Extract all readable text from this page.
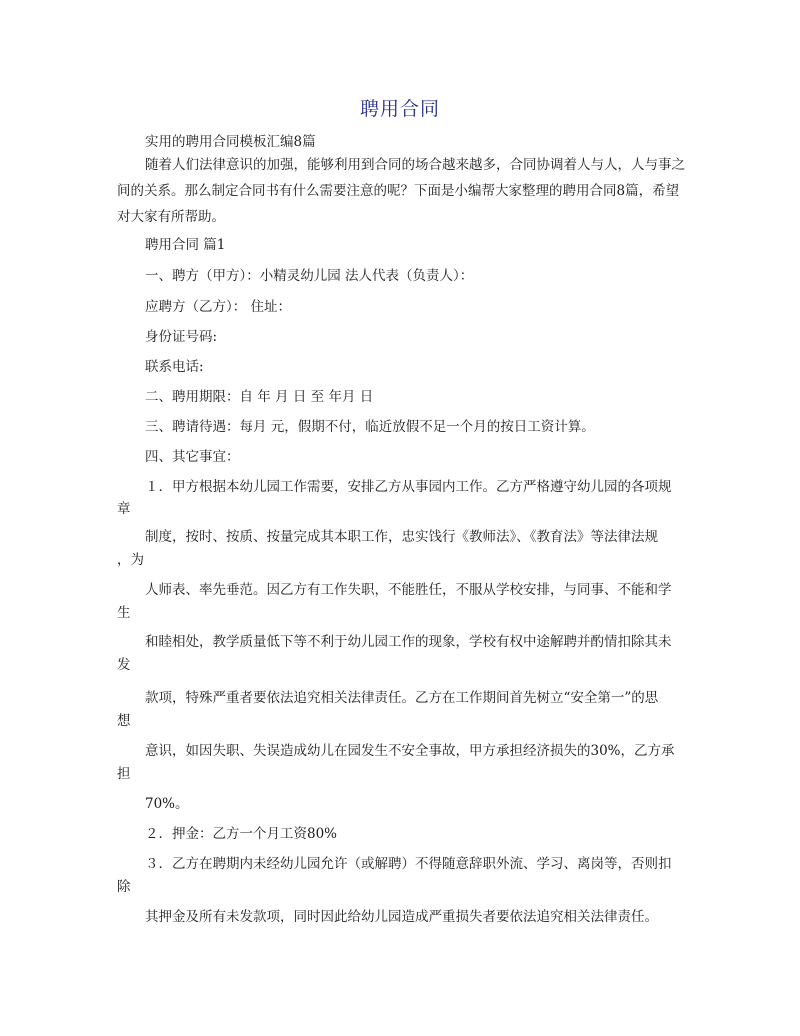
聘用合同
实用的聘用合同模板汇编8篇
随着人们法律意识的加强，能够利用到合同的场合越来越多，合同协调着人与人，人与事之间的关系。那么制定合同书有什么需要注意的呢？下面是小编帮大家整理的聘用合同8篇，希望对大家有所帮助。
聘用合同 篇1
一、聘方（甲方）：小精灵幼儿园 法人代表（负责人）：
应聘方（乙方）： 住址：
身份证号码:
联系电话:
二、聘用期限：自 年 月 日 至 年月 日
三、聘请待遇：每月 元，假期不付，临近放假不足一个月的按日工资计算。
四、其它事宜：
１．甲方根据本幼儿园工作需要，安排乙方从事园内工作。乙方严格遵守幼儿园的各项规
章
制度，按时、按质、按量完成其本职工作，忠实饯行《教师法》、《教育法》等法律法规
，为
人师表、率先垂范。因乙方有工作失职，不能胜任，不服从学校安排，与同事、不能和学
生
和睦相处，教学质量低下等不利于幼儿园工作的现象，学校有权中途解聘并酌情扣除其未
发
款项，特殊严重者要依法追究相关法律责任。乙方在工作期间首先树立“安全第一”的思
想
意识，如因失职、失误造成幼儿在园发生不安全事故，甲方承担经济损失的30%，乙方承
担
70%。
２．押金：乙方一个月工资80%
３．乙方在聘期内未经幼儿园允许（或解聘）不得随意辞职外流、学习、离岗等，否则扣
除
其押金及所有未发款项，同时因此给幼儿园造成严重损失者要依法追究相关法律责任。
